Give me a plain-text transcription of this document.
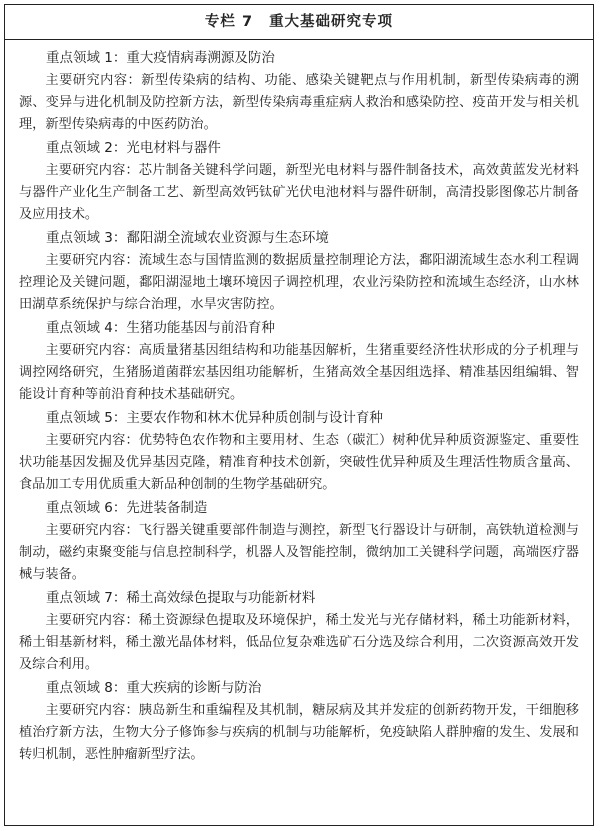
专栏 7 重大基础研究专项

重点领域 1：重大疫情病毒溯源及防治

主要研究内容：新型传染病的结构、功能、感染关键靶点与作用机制，新型传染病毒的溯源、变异与进化机制及防控新方法，新型传染病毒重症病人救治和感染防控、疫苗开发与相关机理，新型传染病毒的中医药防治。

重点领域 2：光电材料与器件

主要研究内容：芯片制备关键科学问题，新型光电材料与器件制备技术，高效黄蓝发光材料与器件产业化生产制备工艺、新型高效钙钛矿光伏电池材料与器件研制，高清投影图像芯片制备及应用技术。

重点领域 3：鄱阳湖全流域农业资源与生态环境

主要研究内容：流域生态与国情监测的数据质量控制理论方法，鄱阳湖流域生态水利工程调控理论及关键问题，鄱阳湖湿地土壤环境因子调控机理，农业污染防控和流域生态经济，山水林田湖草系统保护与综合治理，水旱灾害防控。

重点领域 4：生猪功能基因与前沿育种

主要研究内容：高质量猪基因组结构和功能基因解析，生猪重要经济性状形成的分子机理与调控网络研究，生猪肠道菌群宏基因组功能解析，生猪高效全基因组选择、精准基因组编辑、智能设计育种等前沿育种技术基础研究。

重点领域 5：主要农作物和林木优异种质创制与设计育种

主要研究内容：优势特色农作物和主要用材、生态（碳汇）树种优异种质资源鉴定、重要性状功能基因发掘及优异基因克隆，精准育种技术创新，突破性优异种质及生理活性物质含量高、食品加工专用优质重大新品种创制的生物学基础研究。

重点领域 6：先进装备制造

主要研究内容：飞行器关键重要部件制造与测控，新型飞行器设计与研制，高铁轨道检测与制动，磁约束聚变能与信息控制科学，机器人及智能控制，微纳加工关键科学问题，高端医疗器械与装备。

重点领域 7：稀土高效绿色提取与功能新材料

主要研究内容：稀土资源绿色提取及环境保护，稀土发光与光存储材料，稀土功能新材料，稀土钼基新材料，稀土激光晶体材料，低品位复杂难选矿石分选及综合利用，二次资源高效开发及综合利用。

重点领域 8：重大疾病的诊断与防治

主要研究内容：胰岛新生和重编程及其机制，糖尿病及其并发症的创新药物开发，干细胞移植治疗新方法，生物大分子修饰参与疾病的机制与功能解析，免疫缺陷人群肿瘤的发生、发展和转归机制，恶性肿瘤新型疗法。
